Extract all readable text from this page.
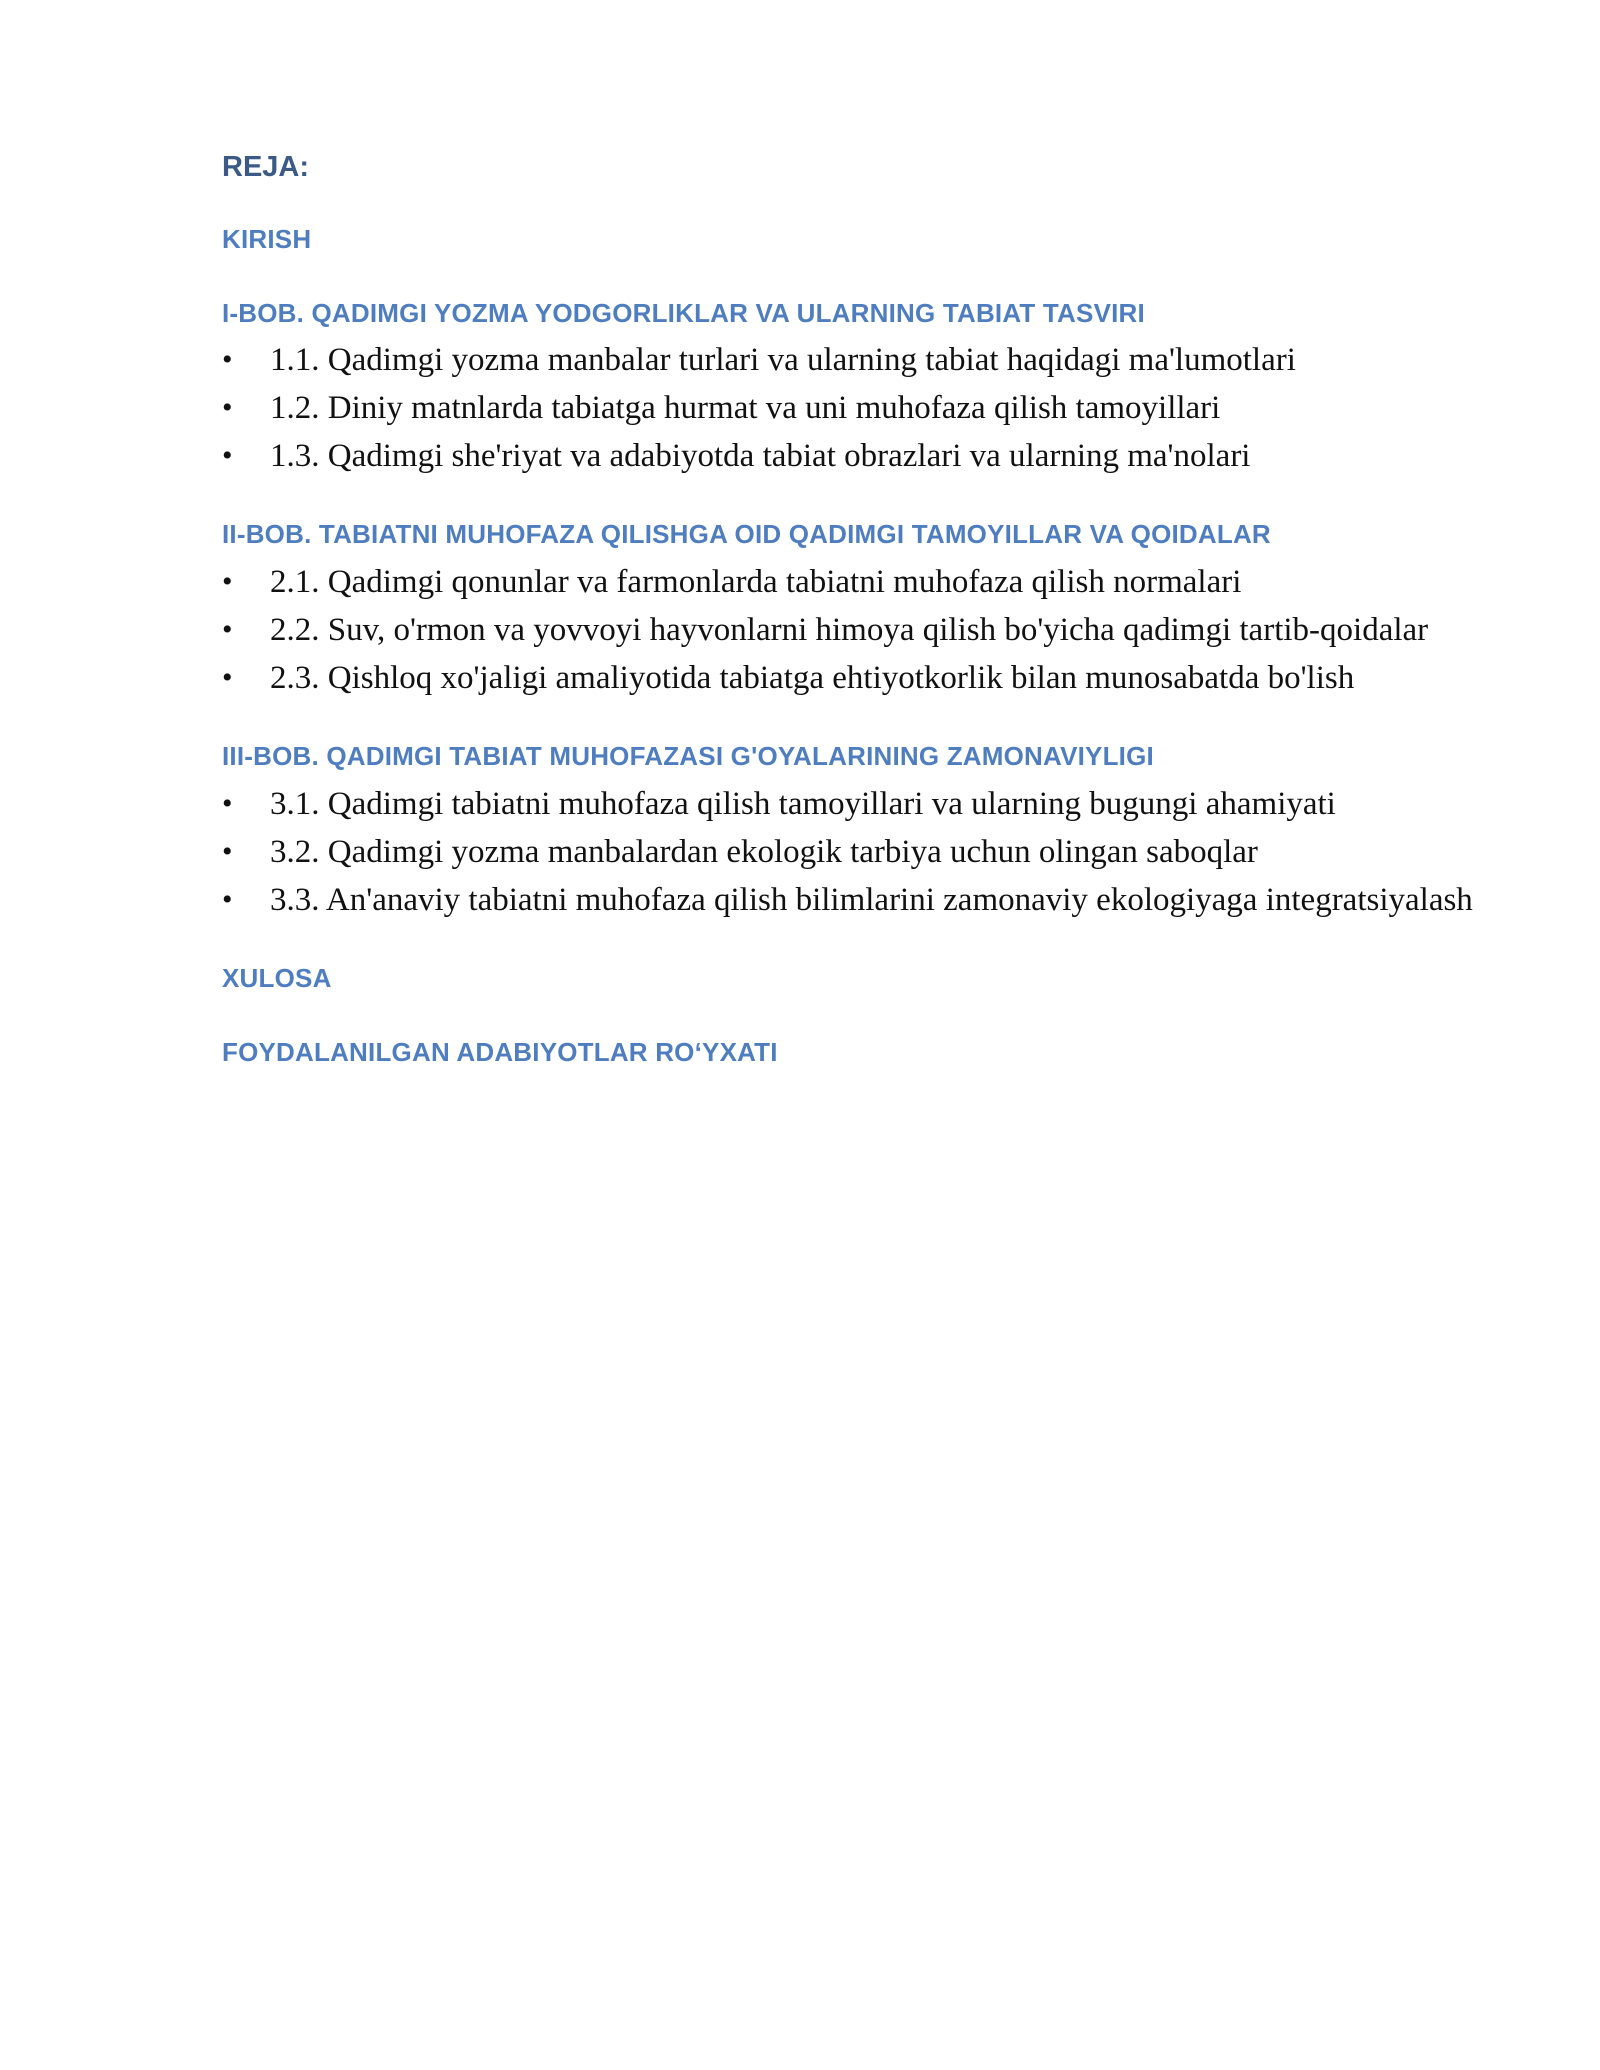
REJA:
KIRISH
I-BOB. QADIMGI YOZMA YODGORLIKLAR VA ULARNING TABIAT TASVIRI
• 1.1. Qadimgi yozma manbalar turlari va ularning tabiat haqidagi ma'lumotlari
• 1.2. Diniy matnlarda tabiatga hurmat va uni muhofaza qilish tamoyillari
• 1.3. Qadimgi she'riyat va adabiyotda tabiat obrazlari va ularning ma'nolari
II-BOB. TABIATNI MUHOFAZA QILISHGA OID QADIMGI TAMOYILLAR VA QOIDALAR
• 2.1. Qadimgi qonunlar va farmonlarda tabiatni muhofaza qilish normalari
• 2.2. Suv, o'rmon va yovvoyi hayvonlarni himoya qilish bo'yicha qadimgi tartib-qoidalar
• 2.3. Qishloq xo'jaligi amaliyotida tabiatga ehtiyotkorlik bilan munosabatda bo'lish
III-BOB. QADIMGI TABIAT MUHOFAZASI G'OYALARINING ZAMONAVIYLIGI
• 3.1. Qadimgi tabiatni muhofaza qilish tamoyillari va ularning bugungi ahamiyati
• 3.2. Qadimgi yozma manbalardan ekologik tarbiya uchun olingan saboqlar
• 3.3. An'anaviy tabiatni muhofaza qilish bilimlarini zamonaviy ekologiyaga integratsiyalash
XULOSA
FOYDALANILGAN ADABIYOTLAR RO‘YXATI
